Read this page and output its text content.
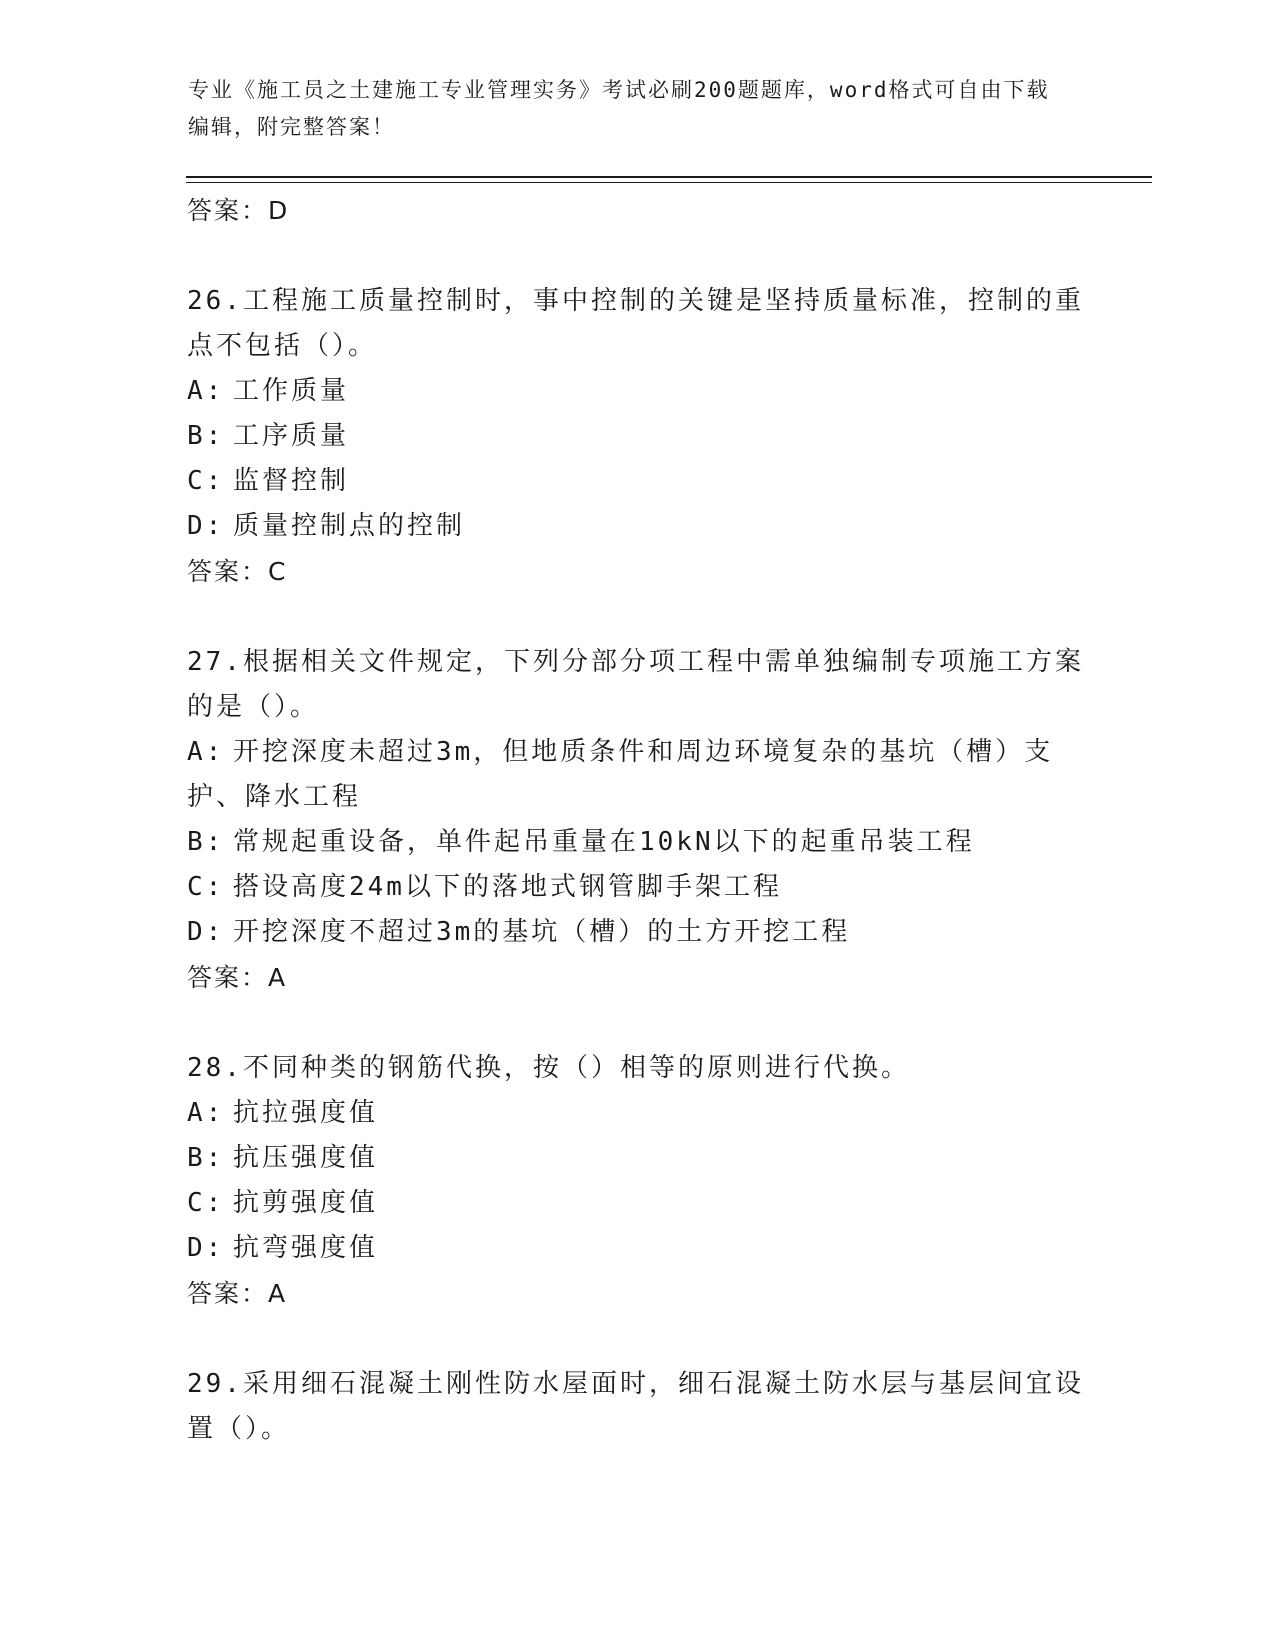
专业《施工员之土建施工专业管理实务》考试必刷200题题库，word格式可自由下载编辑，附完整答案！

答案：D

26.工程施工质量控制时，事中控制的关键是坚持质量标准，控制的重点不包括（）。

A: 工作质量

B: 工序质量

C: 监督控制

D: 质量控制点的控制

答案：C

27.根据相关文件规定，下列分部分项工程中需单独编制专项施工方案的是（）。

A: 开挖深度未超过3m，但地质条件和周边环境复杂的基坑（槽）支护、降水工程

B: 常规起重设备，单件起吊重量在10kN以下的起重吊装工程

C: 搭设高度24m以下的落地式钢管脚手架工程

D: 开挖深度不超过3m的基坑（槽）的土方开挖工程

答案：A

28.不同种类的钢筋代换，按（）相等的原则进行代换。

A: 抗拉强度值

B: 抗压强度值

C: 抗剪强度值

D: 抗弯强度值

答案：A

29.采用细石混凝土刚性防水屋面时，细石混凝土防水层与基层间宜设置（）。
